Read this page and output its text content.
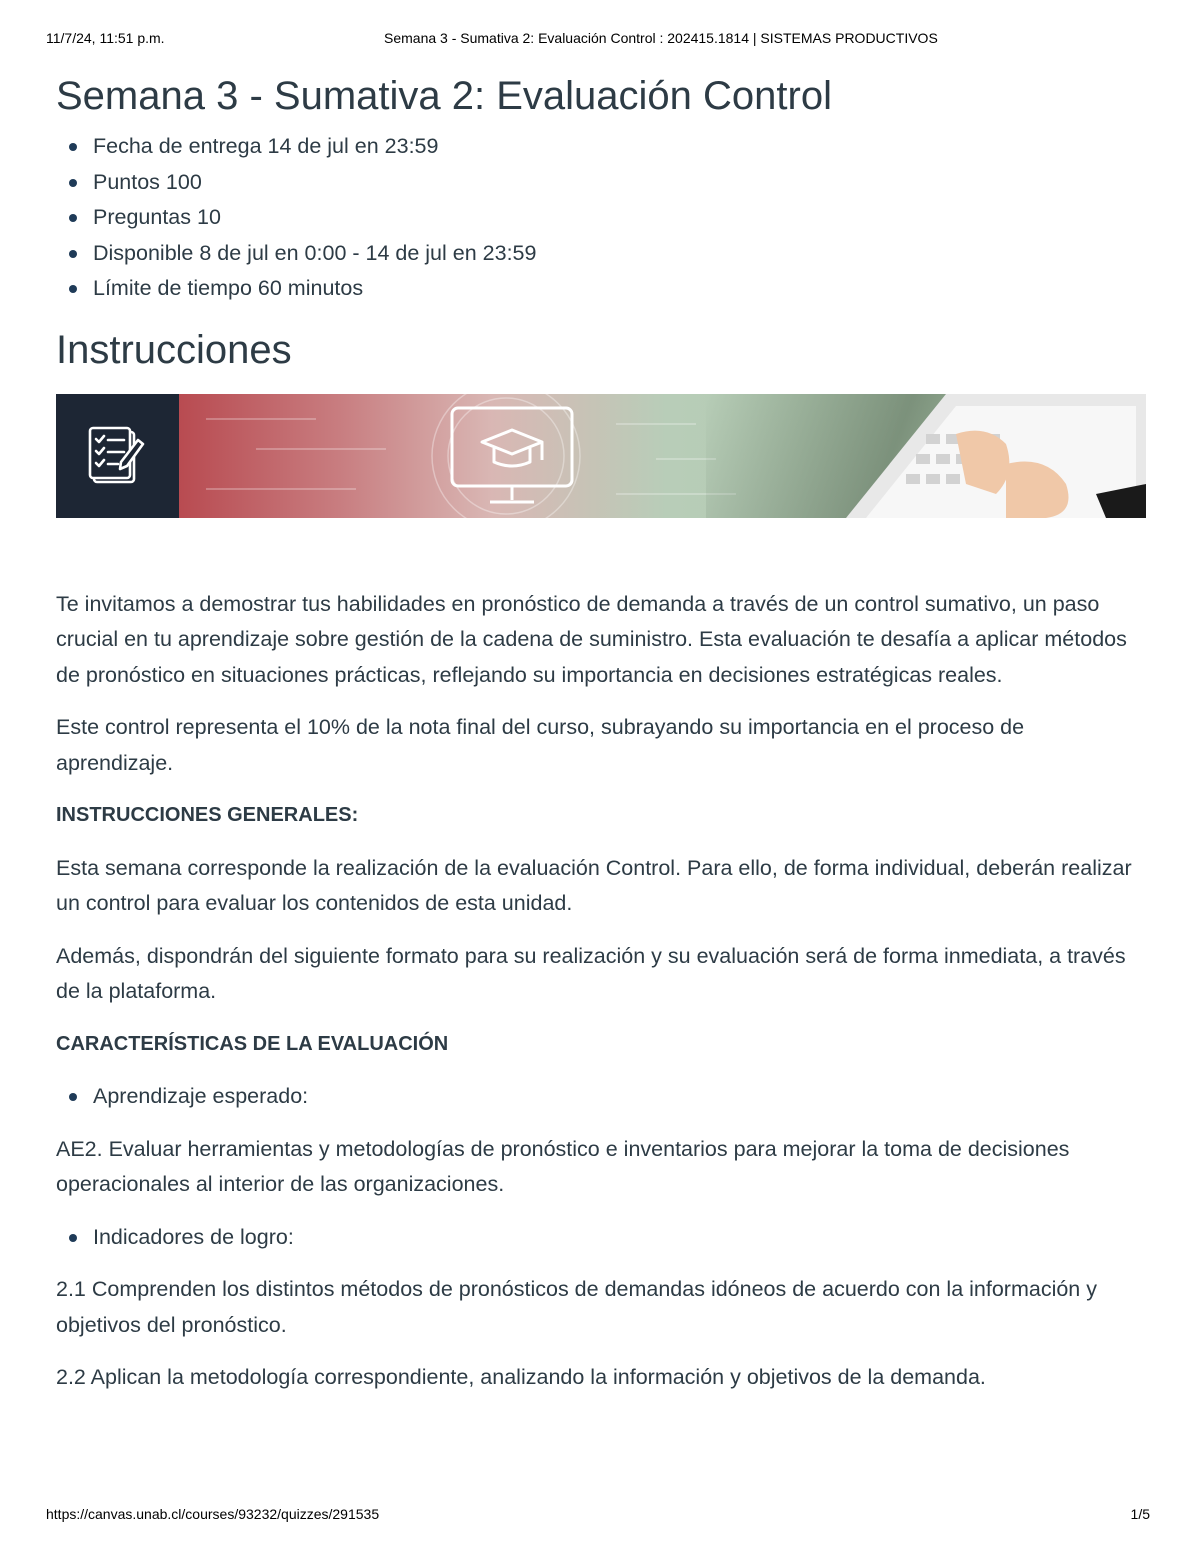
11/7/24, 11:51 p.m.	Semana 3 - Sumativa 2: Evaluación Control : 202415.1814 | SISTEMAS PRODUCTIVOS
Semana 3 - Sumativa 2: Evaluación Control
Fecha de entrega 14 de jul en 23:59
Puntos 100
Preguntas 10
Disponible 8 de jul en 0:00 - 14 de jul en 23:59
Límite de tiempo 60 minutos
Instrucciones

Te invitamos a demostrar tus habilidades en pronóstico de demanda a través de un control sumativo, un paso crucial en tu aprendizaje sobre gestión de la cadena de suministro. Esta evaluación te desafía a aplicar métodos de pronóstico en situaciones prácticas, reflejando su importancia en decisiones estratégicas reales.

Este control representa el 10% de la nota final del curso, subrayando su importancia en el proceso de aprendizaje.

INSTRUCCIONES GENERALES:

Esta semana corresponde la realización de la evaluación Control. Para ello, de forma individual, deberán realizar un control para evaluar los contenidos de esta unidad.

Además, dispondrán del siguiente formato para su realización y su evaluación será de forma inmediata, a través de la plataforma.

CARACTERÍSTICAS DE LA EVALUACIÓN

Aprendizaje esperado:

AE2. Evaluar herramientas y metodologías de pronóstico e inventarios para mejorar la toma de decisiones operacionales al interior de las organizaciones.

Indicadores de logro:

2.1 Comprenden los distintos métodos de pronósticos de demandas idóneos de acuerdo con la información y objetivos del pronóstico.

2.2 Aplican la metodología correspondiente, analizando la información y objetivos de la demanda.

https://canvas.unab.cl/courses/93232/quizzes/291535	1/5
